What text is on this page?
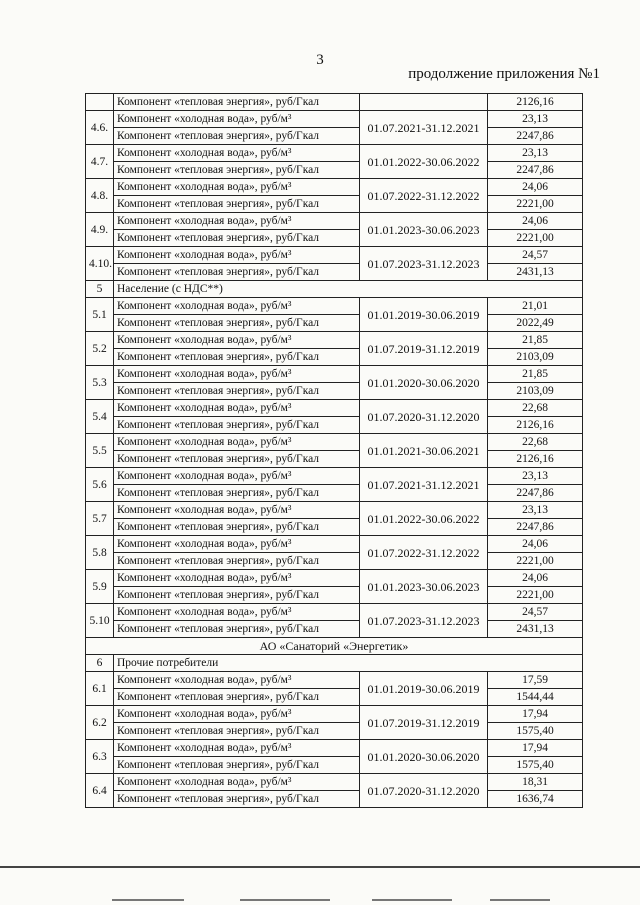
3
продолжение приложения №1
	Компонент «тепловая энергия», руб/Гкал		2126,16
4.6.	Компонент «холодная вода», руб/м³	01.07.2021-31.12.2021	23,13
	Компонент «тепловая энергия», руб/Гкал		2247,86
4.7.	Компонент «холодная вода», руб/м³	01.01.2022-30.06.2022	23,13
	Компонент «тепловая энергия», руб/Гкал		2247,86
4.8.	Компонент «холодная вода», руб/м³	01.07.2022-31.12.2022	24,06
	Компонент «тепловая энергия», руб/Гкал		2221,00
4.9.	Компонент «холодная вода», руб/м³	01.01.2023-30.06.2023	24,06
	Компонент «тепловая энергия», руб/Гкал		2221,00
4.10.	Компонент «холодная вода», руб/м³	01.07.2023-31.12.2023	24,57
	Компонент «тепловая энергия», руб/Гкал		2431,13
5	Население (с НДС**)		
5.1	Компонент «холодная вода», руб/м³	01.01.2019-30.06.2019	21,01
	Компонент «тепловая энергия», руб/Гкал		2022,49
5.2	Компонент «холодная вода», руб/м³	01.07.2019-31.12.2019	21,85
	Компонент «тепловая энергия», руб/Гкал		2103,09
5.3	Компонент «холодная вода», руб/м³	01.01.2020-30.06.2020	21,85
	Компонент «тепловая энергия», руб/Гкал		2103,09
5.4	Компонент «холодная вода», руб/м³	01.07.2020-31.12.2020	22,68
	Компонент «тепловая энергия», руб/Гкал		2126,16
5.5	Компонент «холодная вода», руб/м³	01.01.2021-30.06.2021	22,68
	Компонент «тепловая энергия», руб/Гкал		2126,16
5.6	Компонент «холодная вода», руб/м³	01.07.2021-31.12.2021	23,13
	Компонент «тепловая энергия», руб/Гкал		2247,86
5.7	Компонент «холодная вода», руб/м³	01.01.2022-30.06.2022	23,13
	Компонент «тепловая энергия», руб/Гкал		2247,86
5.8	Компонент «холодная вода», руб/м³	01.07.2022-31.12.2022	24,06
	Компонент «тепловая энергия», руб/Гкал		2221,00
5.9	Компонент «холодная вода», руб/м³	01.01.2023-30.06.2023	24,06
	Компонент «тепловая энергия», руб/Гкал		2221,00
5.10	Компонент «холодная вода», руб/м³	01.07.2023-31.12.2023	24,57
	Компонент «тепловая энергия», руб/Гкал		2431,13
АО «Санаторий «Энергетик»			
6	Прочие потребители		
6.1	Компонент «холодная вода», руб/м³	01.01.2019-30.06.2019	17,59
	Компонент «тепловая энергия», руб/Гкал		1544,44
6.2	Компонент «холодная вода», руб/м³	01.07.2019-31.12.2019	17,94
	Компонент «тепловая энергия», руб/Гкал		1575,40
6.3	Компонент «холодная вода», руб/м³	01.01.2020-30.06.2020	17,94
	Компонент «тепловая энергия», руб/Гкал		1575,40
6.4	Компонент «холодная вода», руб/м³	01.07.2020-31.12.2020	18,31
	Компонент «тепловая энергия», руб/Гкал		1636,74
